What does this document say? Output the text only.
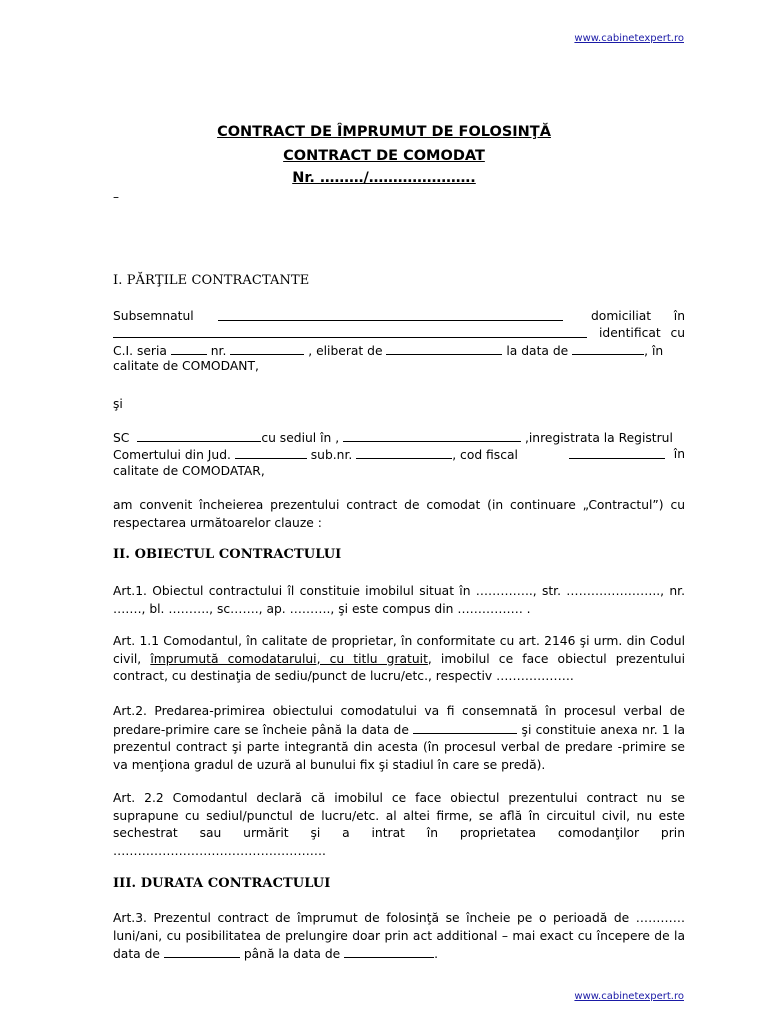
www.cabinetexpert.ro
CONTRACT DE ÎMPRUMUT DE FOLOSINŢĂ
CONTRACT DE COMODAT
Nr. ………/………………….
–
I. PĂRŢILE CONTRACTANTE
Subsemnatul	domiciliat în
identificat cu
C.I. seria	nr.	, eliberat de	la data de	, în
calitate de COMODANT,
şi
SC	cu sediul în ,	,inregistrata la Registrul
Comertului din Jud.	sub.nr.	, cod fiscal	în
calitate de COMODATAR,
am convenit încheierea prezentului contract de comodat (in continuare „Contractul”) cu respectarea următoarelor clauze :
II. OBIECTUL CONTRACTULUI
Art.1. Obiectul contractului îl constituie imobilul situat în ………….., str. ………………….., nr. ……., bl. ………., sc……., ap. ………., şi este compus din ……………. .
Art. 1.1 Comodantul, în calitate de proprietar, în conformitate cu art. 2146 şi urm. din Codul civil, împrumută comodatarului, cu titlu gratuit, imobilul ce face obiectul prezentului contract, cu destinaţia de sediu/punct de lucru/etc., respectiv ……………….
Art.2. Predarea-primirea obiectului comodatului va fi consemnată în procesul verbal de predare-primire care se încheie până la data de	şi constituie anexa nr. 1 la prezentul contract şi parte integrantă din acesta (în procesul verbal de predare -primire se va menţiona gradul de uzură al bunului fix şi stadiul în care se predă).
Art. 2.2 Comodantul declară că imobilul ce face obiectul prezentului contract nu se suprapune cu sediul/punctul de lucru/etc. al altei firme, se află în circuitul civil, nu este sechestrat sau urmărit şi a intrat în proprietatea comodanţilor prin …………………………………………….
III. DURATA CONTRACTULUI
Art.3. Prezentul contract de împrumut de folosinţă se încheie pe o perioadă de ………… luni/ani, cu posibilitatea de prelungire doar prin act additional – mai exact cu începere de la data de	până la data de	.
www.cabinetexpert.ro
